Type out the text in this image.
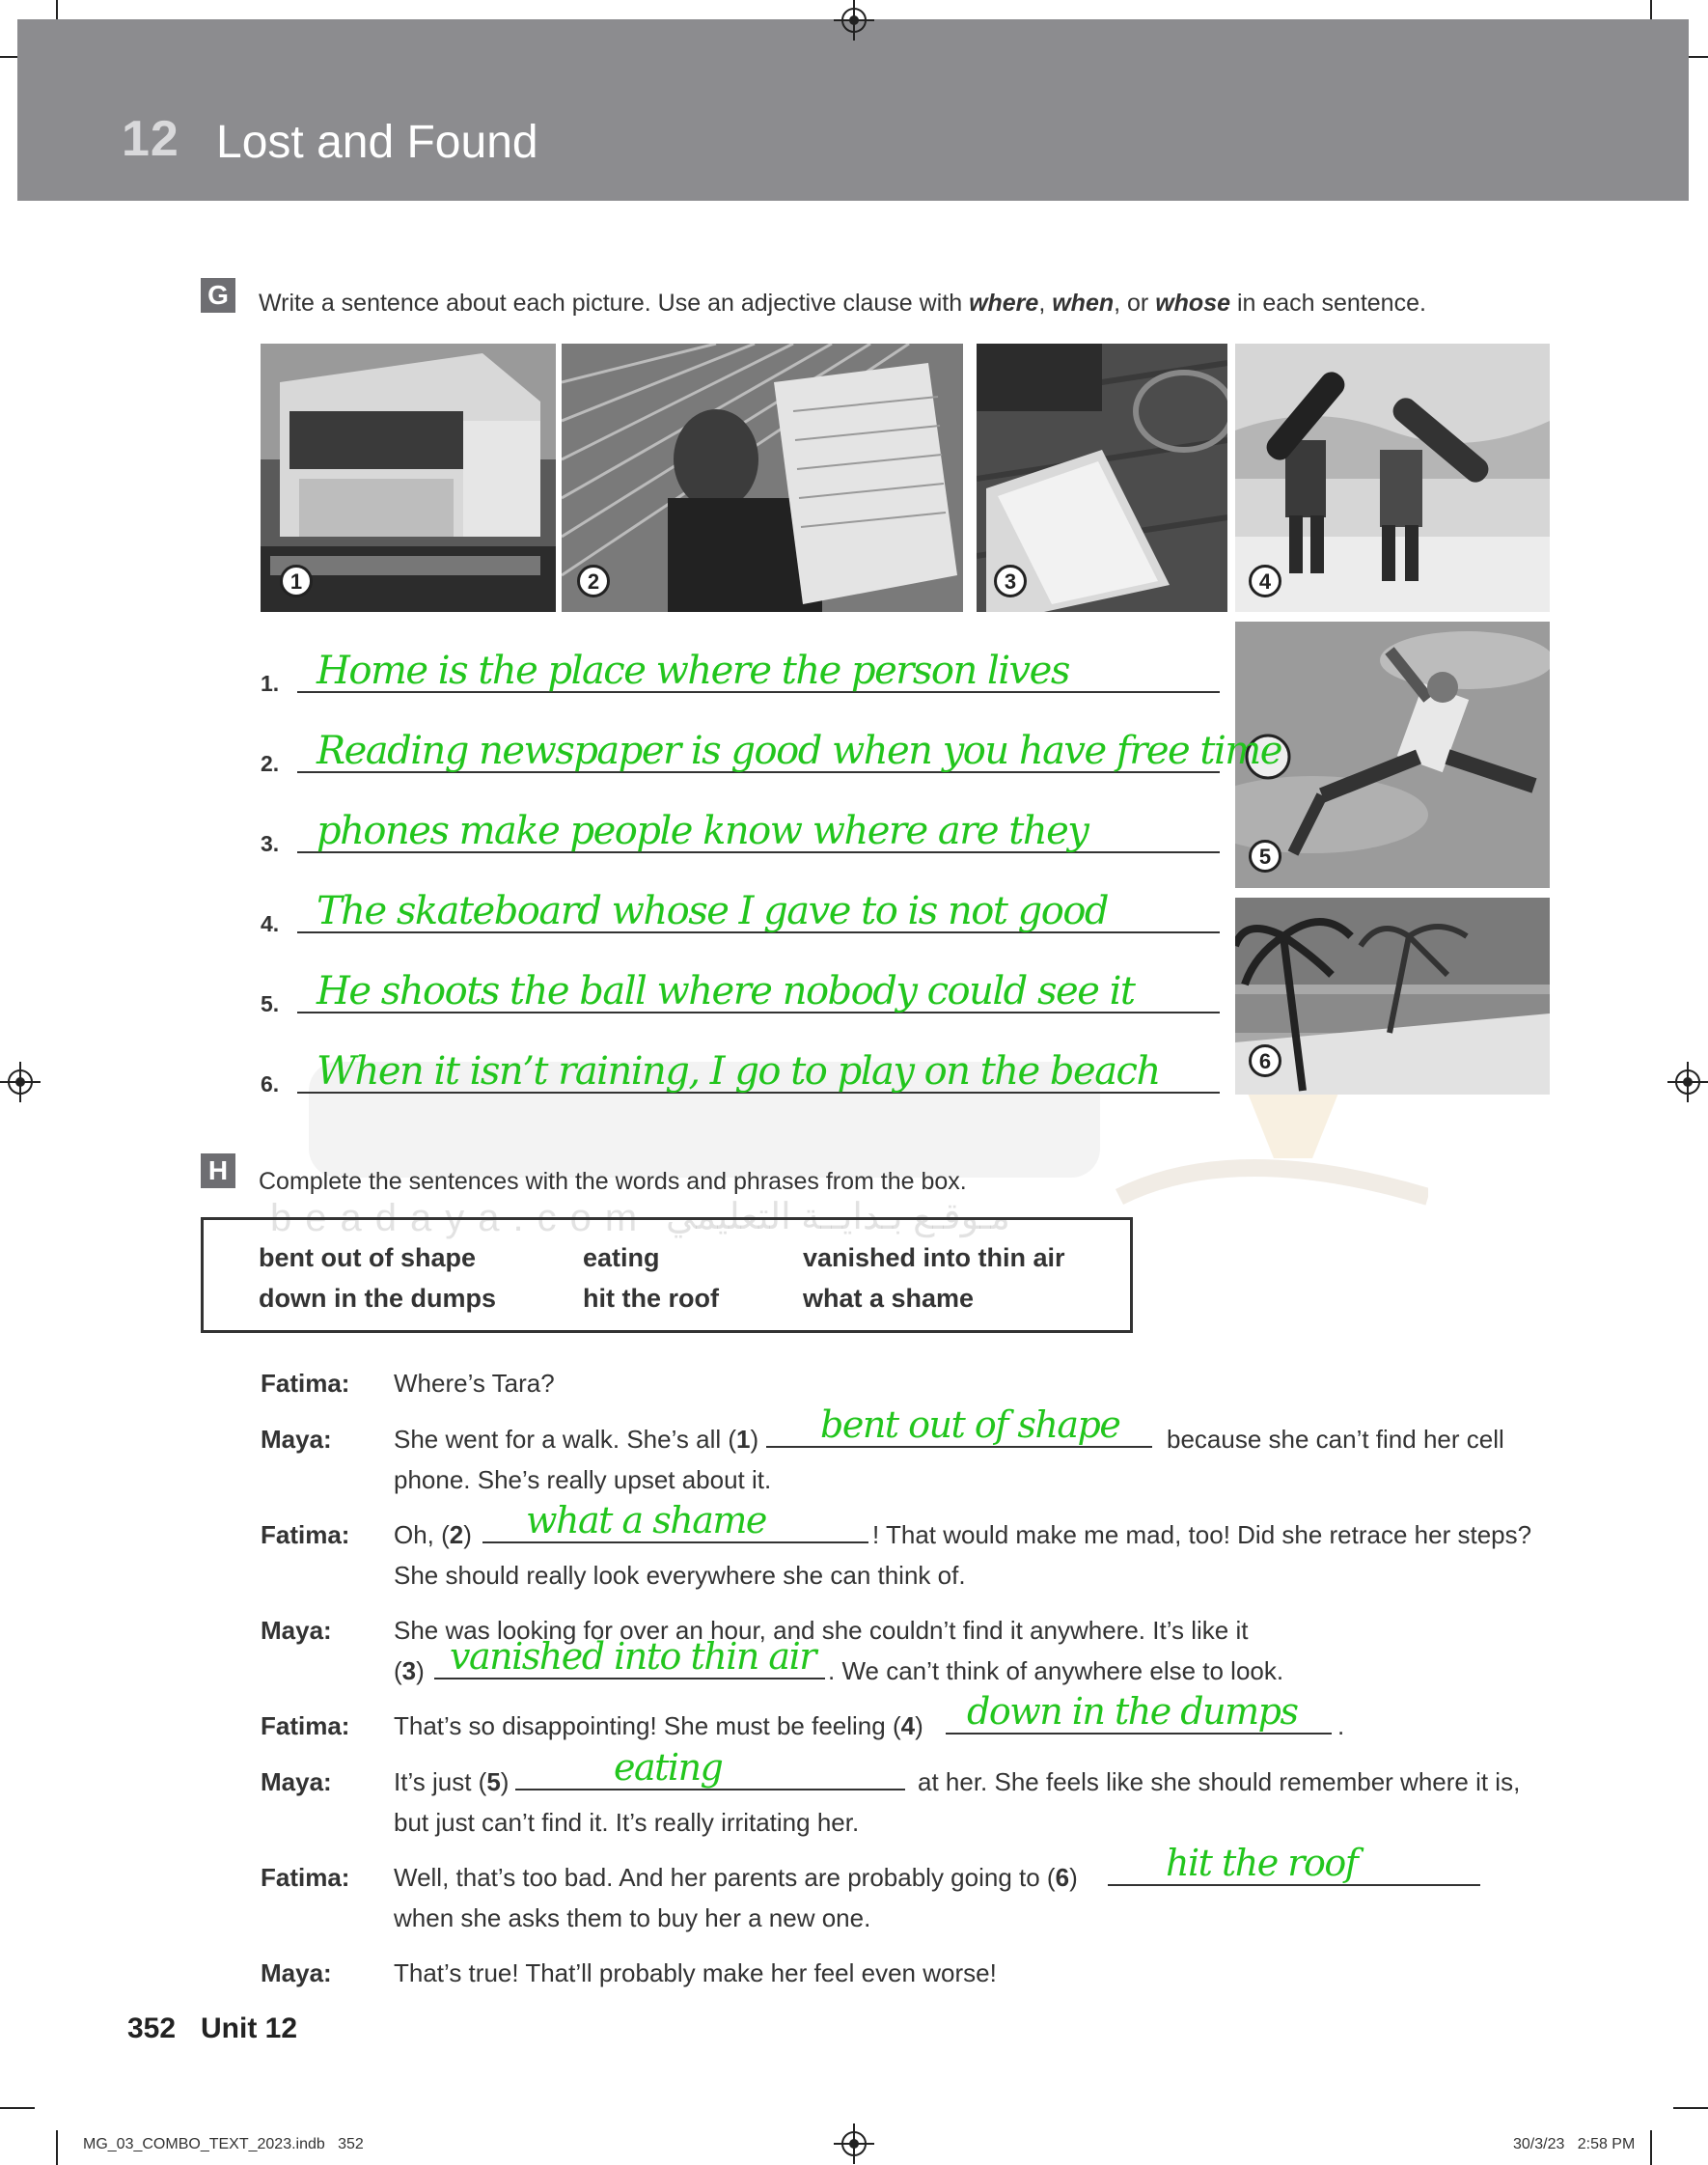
12 Lost and Found
beadaya.com مـوقـع بـدايــة التعليمي
G Write a sentence about each picture. Use an adjective clause with where, when, or whose in each sentence.
1	2	3	4
5
6
1. Home is the place where the person lives
2. Reading newspaper is good when you have free time
3. phones make people know where are they
4. The skateboard whose I gave to is not good
5. He shoots the ball where nobody could see it
6. When it isn’t raining, I go to play on the beach
H	Complete the sentences with the words and phrases from the box.
bent out of shape	eating	vanished into thin air
down in the dumps	hit the roof	what a shame
Fatima: Where’s Tara?
Maya: She went for a walk. She’s all (1) bent out of shape because she can’t find her cell
phone. She’s really upset about it.
Fatima: Oh, (2) what a shame	! That would make me mad, too! Did she retrace her steps?
She should really look everywhere she can think of.
Maya: She was looking for over an hour, and she couldn’t find it anywhere. It’s like it
(3) vanished into thin air . We can’t think of anywhere else to look.
Fatima: That’s so disappointing! She must be feeling (4) down in the dumps .
Maya: It’s just (5)	eating	at her. She feels like she should remember where it is,
but just can’t find it. It’s really irritating her.
Fatima: Well, that’s too bad. And her parents are probably going to (6) hit the roof
when she asks them to buy her a new one.
Maya: That’s true! That’ll probably make her feel even worse!
352 Unit 12
MG_03_COMBO_TEXT_2023.indb   352	30/3/23   2:58 PM
